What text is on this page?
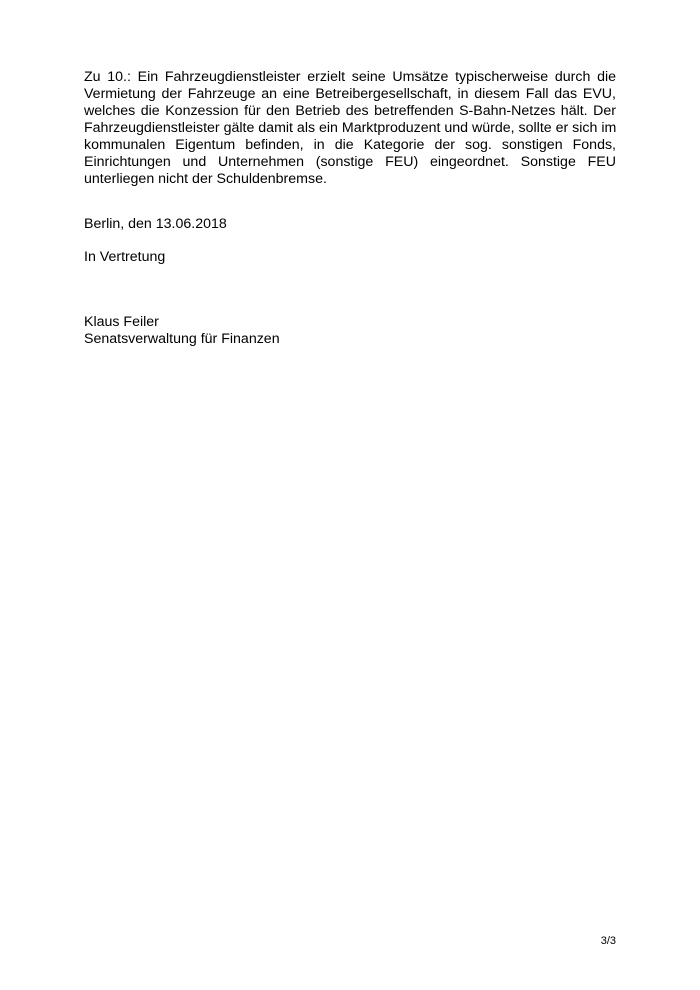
Zu 10.: Ein Fahrzeugdienstleister erzielt seine Umsätze typischerweise durch die
Vermietung der Fahrzeuge an eine Betreibergesellschaft, in diesem Fall das EVU,
welches die Konzession für den Betrieb des betreffenden S-Bahn-Netzes hält. Der
Fahrzeugdienstleister gälte damit als ein Marktproduzent und würde, sollte er sich im
kommunalen Eigentum befinden, in die Kategorie der sog. sonstigen Fonds,
Einrichtungen und Unternehmen (sonstige FEU) eingeordnet. Sonstige FEU
unterliegen nicht der Schuldenbremse.

Berlin, den 13.06.2018

In Vertretung

Klaus Feiler

Senatsverwaltung für Finanzen

3/3
